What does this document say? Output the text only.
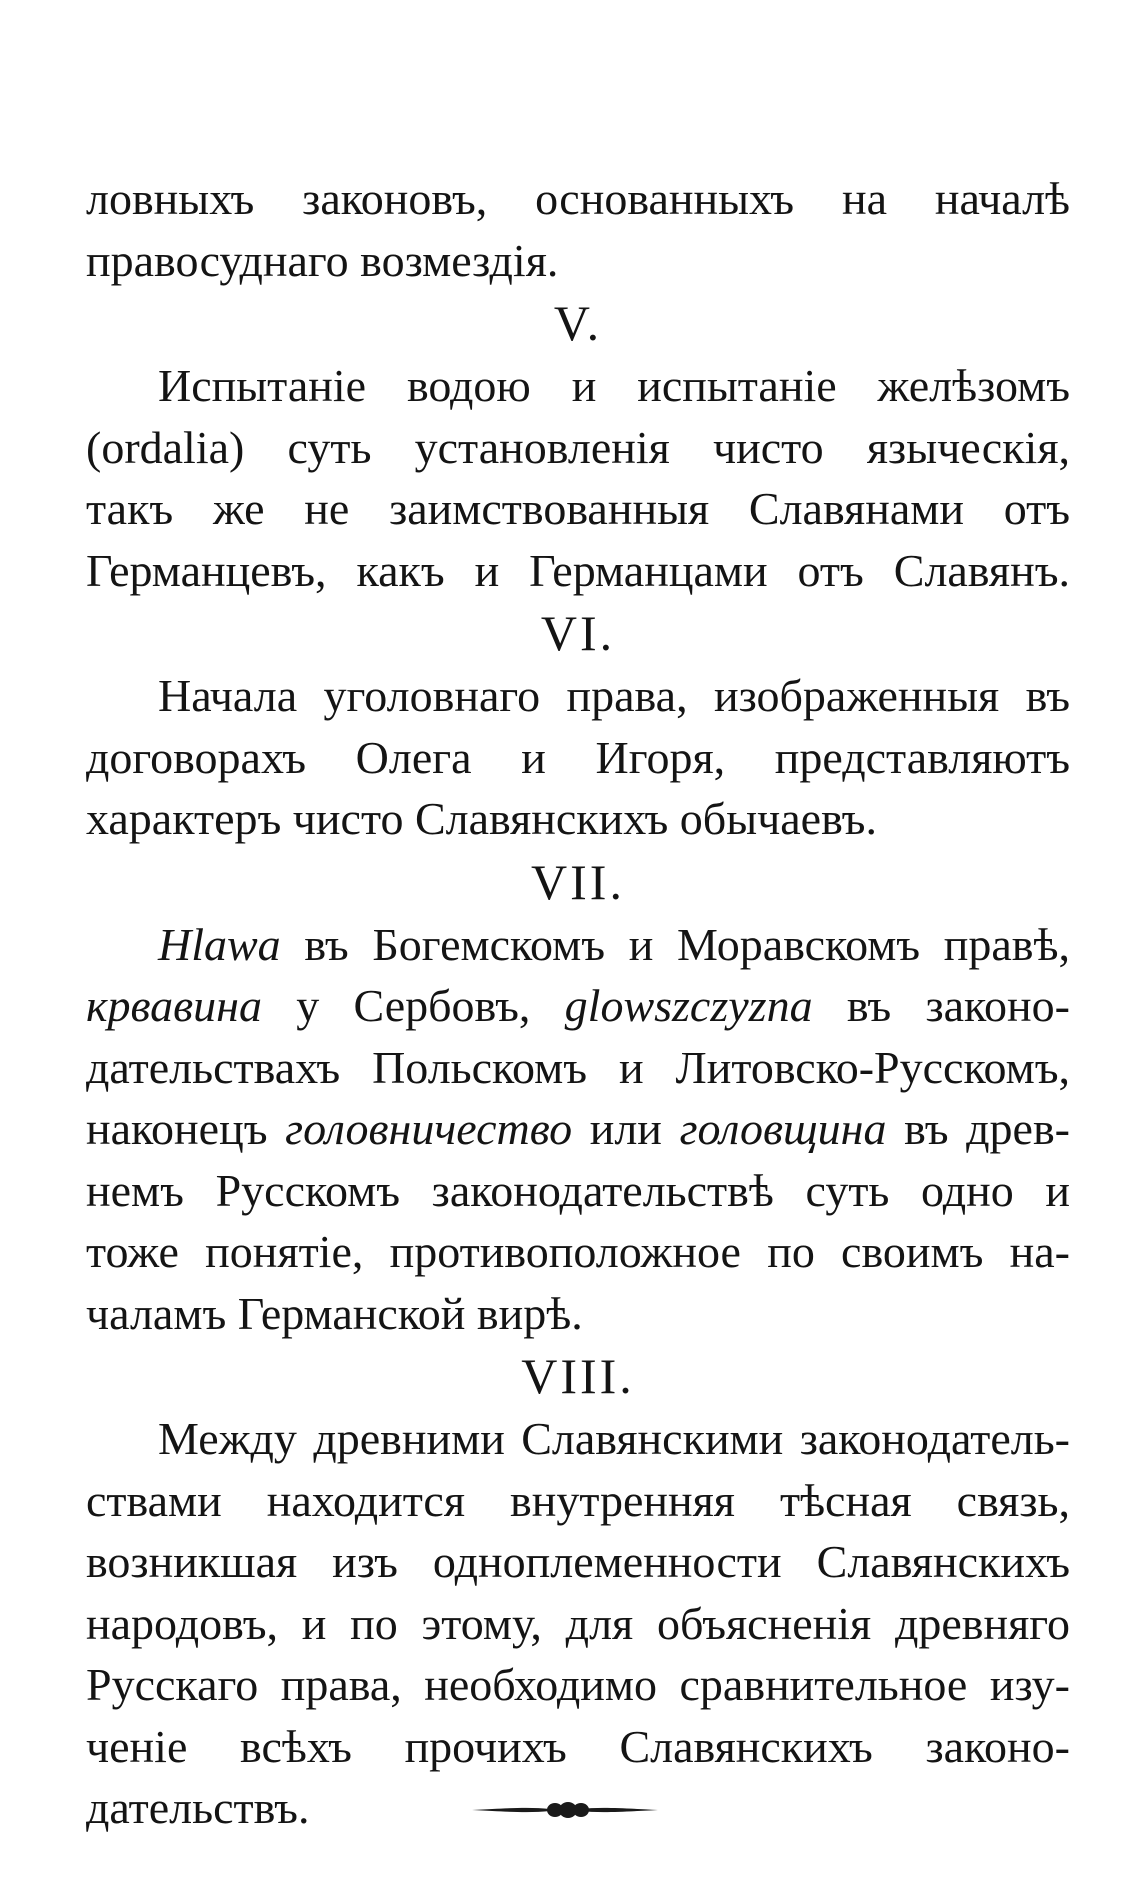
ловныхъ законовъ, основанныхъ на началѣ
правосуднаго возмездія.
V.
Испытаніе водою и испытаніе желѣзомъ
(ordalia) суть установленія чисто языческія,
такъ же не заимствованныя Славянами отъ
Германцевъ, какъ и Германцами отъ Славянъ.
VI.
Начала уголовнаго права, изображенныя въ
договорахъ Олега и Игоря, представляютъ
характеръ чисто Славянскихъ обычаевъ.
VII.
Hlawa въ Богемскомъ и Моравскомъ правѣ,
крвавина у Сербовъ, glowszczyzna въ законо-
дательствахъ Польскомъ и Литовско-Русскомъ,
наконецъ головничество или головщина въ древ-
немъ Русскомъ законодательствѣ суть одно и
тоже понятіе, противоположное по своимъ на-
чаламъ Германской вирѣ.
VIII.
Между древними Славянскими законодатель-
ствами находится внутренняя тѣсная связь,
возникшая изъ одноплеменности Славянскихъ
народовъ, и по этому, для объясненія древняго
Русскаго права, необходимо сравнительное изу-
ченіе всѣхъ прочихъ Славянскихъ законо-
дательствъ.
